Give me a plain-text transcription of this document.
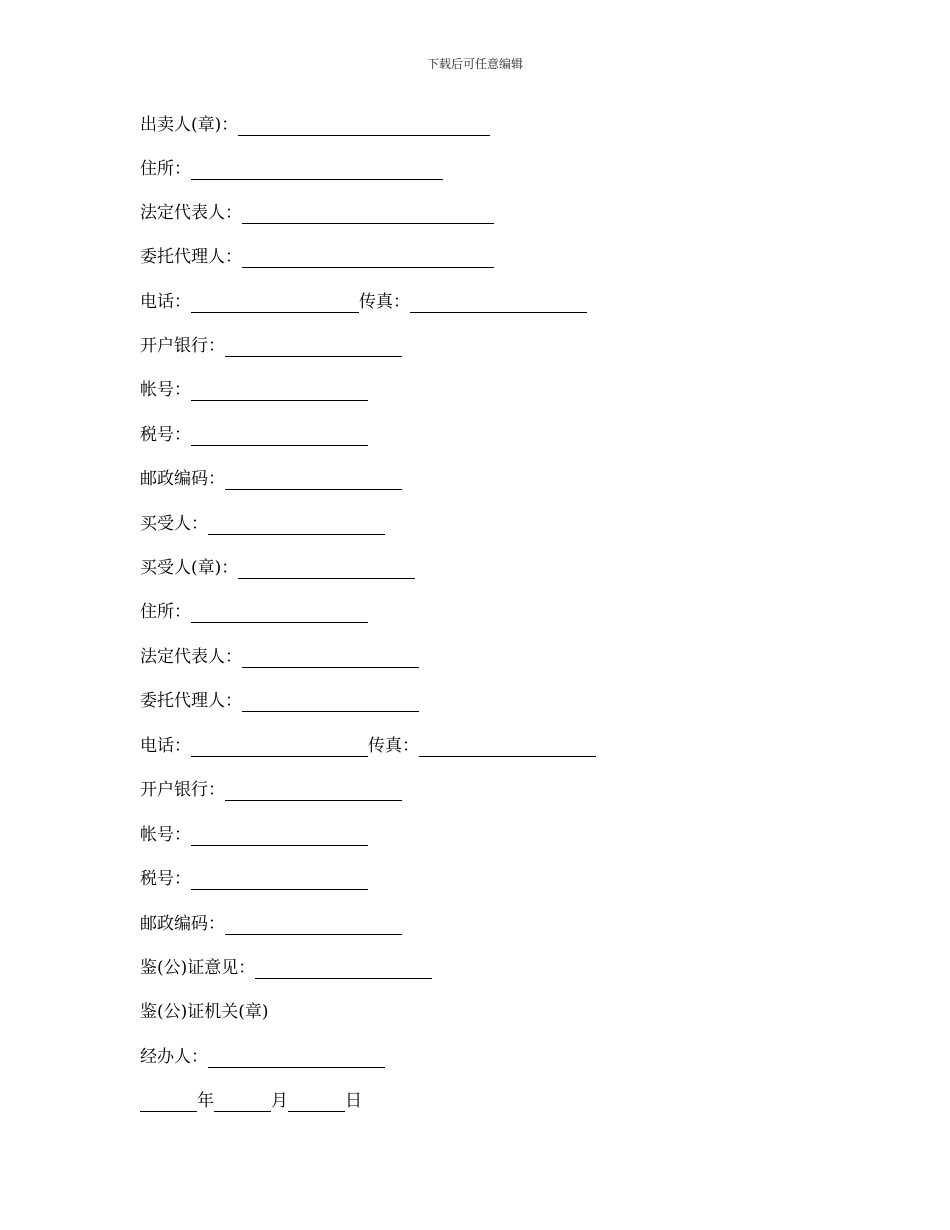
下载后可任意编辑
出卖人(章)：
住所：
法定代表人：
委托代理人：
电话：	传真：
开户银行：
帐号：
税号：
邮政编码：
买受人：
买受人(章)：
住所：
法定代表人：
委托代理人：
电话：	传真：
开户银行：
帐号：
税号：
邮政编码：
鉴(公)证意见：
鉴(公)证机关(章)
经办人：
年	月	日
